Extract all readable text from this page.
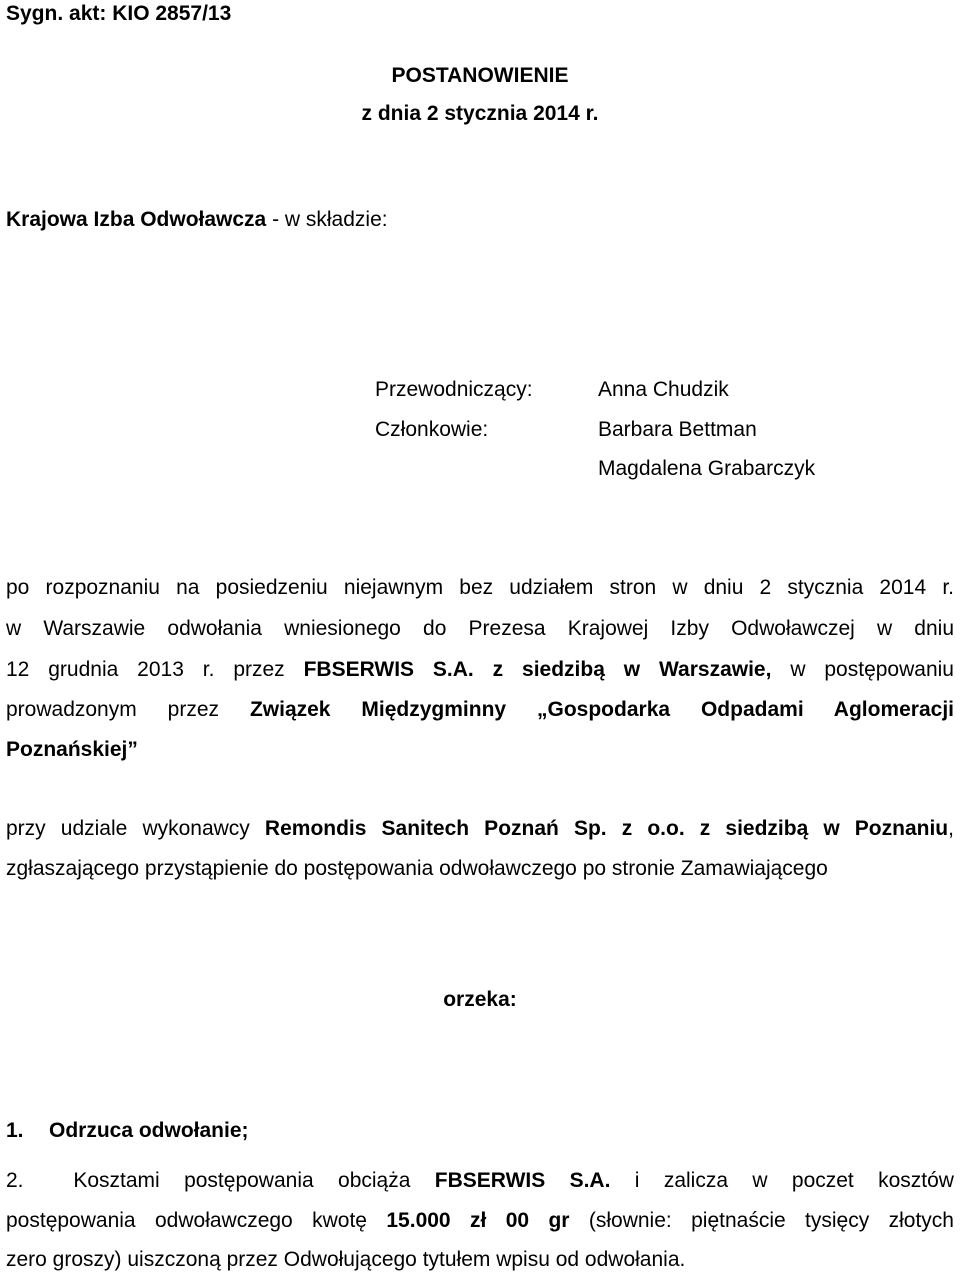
Sygn. akt: KIO 2857/13
POSTANOWIENIE
z dnia 2 stycznia 2014 r.
Krajowa Izba Odwoławcza - w składzie:
Przewodniczący:	Anna Chudzik
Członkowie:	Barbara Bettman
Magdalena Grabarczyk
po rozpoznaniu na posiedzeniu niejawnym bez udziałem stron w dniu 2 stycznia 2014 r.
w Warszawie odwołania wniesionego do Prezesa Krajowej Izby Odwoławczej w dniu
12 grudnia 2013 r. przez FBSERWIS S.A. z siedzibą w Warszawie, w postępowaniu
prowadzonym przez Związek Międzygminny „Gospodarka Odpadami Aglomeracji
Poznańskiej”
przy udziale wykonawcy Remondis Sanitech Poznań Sp. z o.o. z siedzibą w Poznaniu,
zgłaszającego przystąpienie do postępowania odwoławczego po stronie Zamawiającego
orzeka:
1. Odrzuca odwołanie;
2. Kosztami postępowania obciąża FBSERWIS S.A. i zalicza w poczet kosztów
postępowania odwoławczego kwotę 15.000 zł 00 gr (słownie: piętnaście tysięcy złotych
zero groszy) uiszczoną przez Odwołującego tytułem wpisu od odwołania.
